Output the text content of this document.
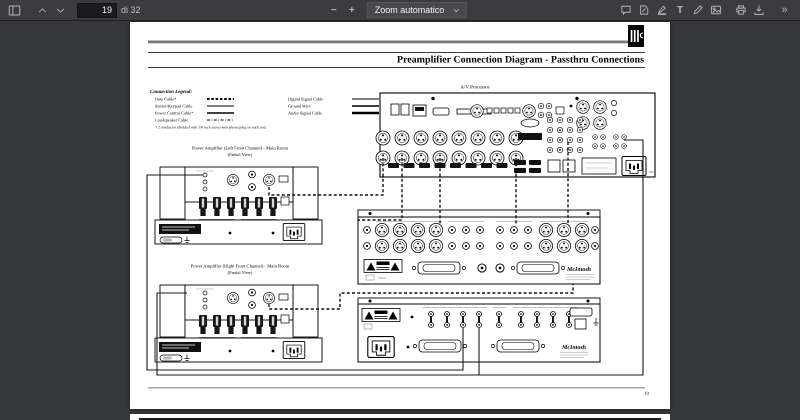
19
di 32	−	+	Zoom automatico	T	»
Preamplifier Connection Diagram - Passthru Connections
Connection Legend:
Data Cable*
Sensor/Keypad Cable
Power Control Cable*
Loudspeaker Cable
Digital Signal Cable
Ground Wire
Audio Signal Cable
* 2 conductor shielded with 1/8 inch stereo mini phone plug on each end.
A/V Processor
Power Amplifier (Left Front Channel) - Main Room
(Partial View)
Power Amplifier (Right Front Channel) - Main Room
(Partial View)	McIntosh
McIntosh
19
